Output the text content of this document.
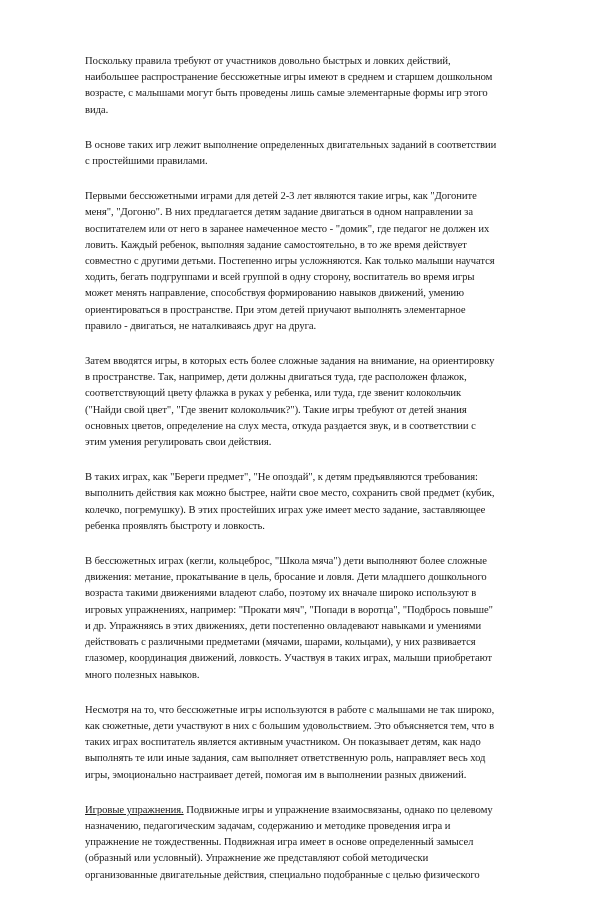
Поскольку правила требуют от участников довольно быстрых и ловких действий,
наибольшее распространение бессюжетные игры имеют в среднем и старшем дошкольном
возрасте, с малышами могут быть проведены лишь самые элементарные формы игр этого
вида.

В основе таких игр лежит выполнение определенных двигательных заданий в соответствии
с простейшими правилами.

Первыми бессюжетными играми для детей 2-3 лет являются такие игры, как "Догоните
меня", "Догоню". В них предлагается детям задание двигаться в одном направлении за
воспитателем или от него в заранее намеченное место - "домик", где педагог не должен их
ловить. Каждый ребенок, выполняя задание самостоятельно, в то же время действует
совместно с другими детьми. Постепенно игры усложняются. Как только малыши научатся
ходить, бегать подгруппами и всей группой в одну сторону, воспитатель во время игры
может менять направление, способствуя формированию навыков движений, умению
ориентироваться в пространстве. При этом детей приучают выполнять элементарное
правило - двигаться, не наталкиваясь друг на друга.

Затем вводятся игры, в которых есть более сложные задания на внимание, на ориентировку
в пространстве. Так, например, дети должны двигаться туда, где расположен флажок,
соответствующий цвету флажка в руках у ребенка, или туда, где звенит колокольчик
("Найди свой цвет", "Где звенит колокольчик?"). Такие игры требуют от детей знания
основных цветов, определение на слух места, откуда раздается звук, и в соответствии с
этим умения регулировать свои действия.

В таких играх, как "Береги предмет", "Не опоздай", к детям предъявляются требования:
выполнить действия как можно быстрее, найти свое место, сохранить свой предмет (кубик,
колечко, погремушку). В этих простейших играх уже имеет место задание, заставляющее
ребенка проявлять быстроту и ловкость.

В бессюжетных играх (кегли, кольцеброс, "Школа мяча") дети выполняют более сложные
движения: метание, прокатывание в цель, бросание и ловля. Дети младшего дошкольного
возраста такими движениями владеют слабо, поэтому их вначале широко используют в
игровых упражнениях, например: "Прокати мяч", "Попади в воротца", "Подбрось повыше"
и др. Упражняясь в этих движениях, дети постепенно овладевают навыками и умениями
действовать с различными предметами (мячами, шарами, кольцами), у них развивается
глазомер, координация движений, ловкость. Участвуя в таких играх, малыши приобретают
много полезных навыков.

Несмотря на то, что бессюжетные игры используются в работе с малышами не так широко,
как сюжетные, дети участвуют в них с большим удовольствием. Это объясняется тем, что в
таких играх воспитатель является активным участником. Он показывает детям, как надо
выполнять те или иные задания, сам выполняет ответственную роль, направляет весь ход
игры, эмоционально настраивает детей, помогая им в выполнении разных движений.

Игровые упражнения. Подвижные игры и упражнение взаимосвязаны, однако по целевому
назначению, педагогическим задачам, содержанию и методике проведения игра и
упражнение не тождественны. Подвижная игра имеет в основе определенный замысел
(образный или условный). Упражнение же представляют собой методически
организованные двигательные действия, специально подобранные с целью физического
